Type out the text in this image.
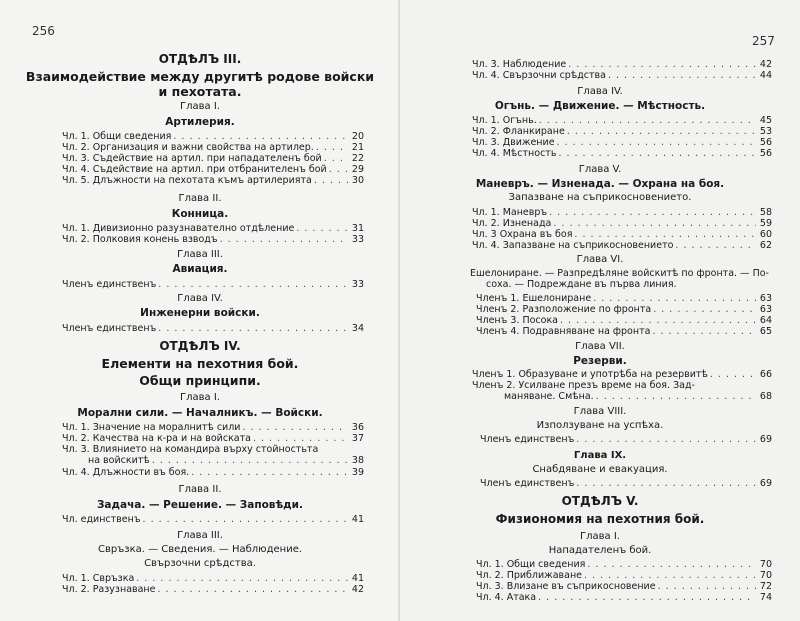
256
ОТДѢЛЪ III.
Взаимодействие между другитѣ родове войски
и пехотата.
Глава I.
Артилерия.
Чл. 1. Общи сведения . . .	20
Чл. 2. Организация и важни свойства на артилер. . . .	21
Чл. 3. Съдействие на артил. при нападателенъ бой . . .	22
Чл. 4. Съдействие на артил. при отбранителенъ бой . . .	29
Чл. 5. Длъжности на пехотата къмъ артилерията . . .	30
Глава II.
Конница.
Чл. 1. Дивизионно разузнавателно отдѣление . . .	31
Чл. 2. Полковия конень взводъ . . .	33
Глава III.
Авиация.
Членъ единственъ . . .	33
Глава IV.
Инженерни войски.
Членъ единственъ . . .	34
ОТДѢЛЪ IV.
Елементи на пехотния бой.
Общи принципи.
Глава I.
Морални сили. — Началникъ. — Войски.
Чл. 1. Значение на моралнитѣ сили . . .	36
Чл. 2. Качества на к-ра и на войската . . .	37
Чл. 3. Влиянието на командира върху стойностьта
на войскитѣ . . .	38
Чл. 4. Длъжности въ боя. . . .	39
Глава II.
Задача. — Решение. — Заповѣди.
Чл. единственъ . . .	41
Глава III.
Свръзка. — Сведения. — Наблюдение.
Свързочни срѣдства.
Чл. 1. Свръзка . . .	41
Чл. 2. Разузнаване . . .	42
257
Чл. 3. Наблюдение . . .	42
Чл. 4. Свързочни срѣдства . . .	44
Глава IV.
Огънь. — Движение. — Мѣстность.
Чл. 1. Огънь. . . .	45
Чл. 2. Фланкиране . . .	53
Чл. 3. Движение . . .	56
Чл. 4. Мѣстность . . .	56
Глава V.
Маневръ. — Изненада. — Охрана на боя.
Запазване на съприкосновението.
Чл. 1. Маневръ . . .	58
Чл. 2. Изненада . . .	59
Чл. 3 Охрана въ боя . . .	60
Чл. 4. Запазване на съприкосновението . . .	62
Глава VI.
Ешелониране. — Разпредѣляне войскитѣ по фронта. — По-
соха. — Подреждане въ първа линия.
Членъ 1. Ешелониране . . .	63
Членъ 2. Разположение по фронта . . .	63
Членъ 3. Посока . . .	64
Членъ 4. Подравняване на фронта . . .	65
Глава VII.
Резерви.
Членъ 1. Образуване и употрѣба на резервитѣ . . .	66
Членъ 2. Усилване презъ време на боя. Зад-
маняване. Смѣна. . . .	68
Глава VIII.
Използуване на успѣха.
Членъ единственъ . . .	69
Глава IX.
Снабдяване и евакуация.
Членъ единственъ . . .	69
ОТДѢЛЪ V.
Физиономия на пехотния бой.
Глава I.
Нападателенъ бой.
Чл. 1. Общи сведения . . .	70
Чл. 2. Приближаване . . .	70
Чл. 3. Влизане въ съприкосновение . . .	72
Чл. 4. Атака . . .	74
